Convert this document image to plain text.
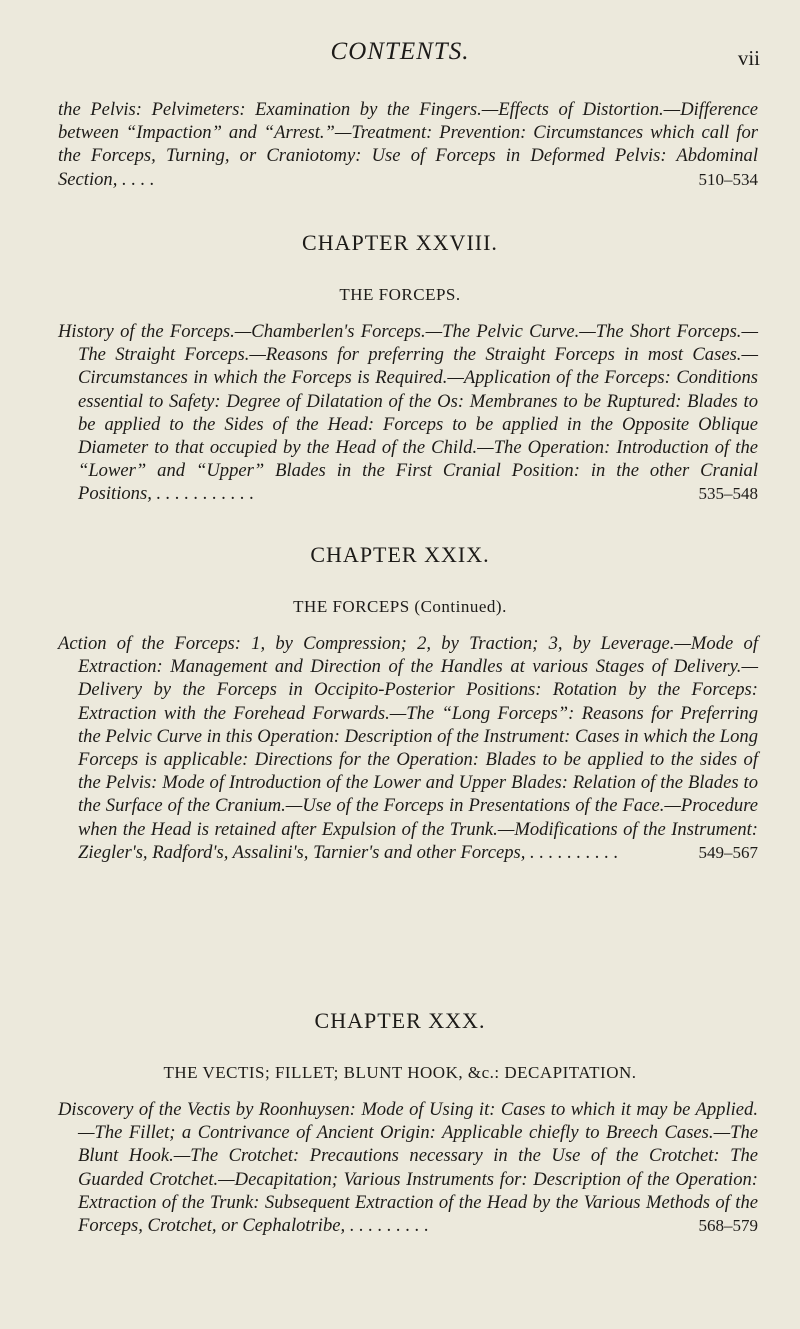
CONTENTS.	vii
the Pelvis: Pelvimeters: Examination by the Fingers.—Effects of Distortion.—Difference between “Impaction” and “Arrest.”—Treatment: Prevention: Circumstances which call for the Forceps, Turning, or Craniotomy: Use of Forceps in Deformed Pelvis: Abdominal Section, . . . .	510–534
CHAPTER XXVIII.
THE FORCEPS.
History of the Forceps.—Chamberlen's Forceps.—The Pelvic Curve.—The Short Forceps.—The Straight Forceps.—Reasons for preferring the Straight Forceps in most Cases.—Circumstances in which the Forceps is Required.—Application of the Forceps: Conditions essential to Safety: Degree of Dilatation of the Os: Membranes to be Ruptured: Blades to be applied to the Sides of the Head: Forceps to be applied in the Opposite Oblique Diameter to that occupied by the Head of the Child.—The Operation: Introduction of the “Lower” and “Upper” Blades in the First Cranial Position: in the other Cranial Positions, . . . . . . . . . . .	535–548
CHAPTER XXIX.
THE FORCEPS (Continued).
Action of the Forceps: 1, by Compression; 2, by Traction; 3, by Leverage.—Mode of Extraction: Management and Direction of the Handles at various Stages of Delivery.—Delivery by the Forceps in Occipito-Posterior Positions: Rotation by the Forceps: Extraction with the Forehead Forwards.—The “Long Forceps”: Reasons for Preferring the Pelvic Curve in this Operation: Description of the Instrument: Cases in which the Long Forceps is applicable: Directions for the Operation: Blades to be applied to the sides of the Pelvis: Mode of Introduction of the Lower and Upper Blades: Relation of the Blades to the Surface of the Cranium.—Use of the Forceps in Presentations of the Face.—Procedure when the Head is retained after Expulsion of the Trunk.—Modifications of the Instrument: Ziegler's, Radford's, Assalini's, Tarnier's and other Forceps, . . . . . . . . . .	549–567
CHAPTER XXX.
THE VECTIS; FILLET; BLUNT HOOK, &c.: DECAPITATION.
Discovery of the Vectis by Roonhuysen: Mode of Using it: Cases to which it may be Applied.—The Fillet; a Contrivance of Ancient Origin: Applicable chiefly to Breech Cases.—The Blunt Hook.—The Crotchet: Precautions necessary in the Use of the Crotchet: The Guarded Crotchet.—Decapitation; Various Instruments for: Description of the Operation: Extraction of the Trunk: Subsequent Extraction of the Head by the Various Methods of the Forceps, Crotchet, or Cephalotribe, . . . . . . . . .	568–579
